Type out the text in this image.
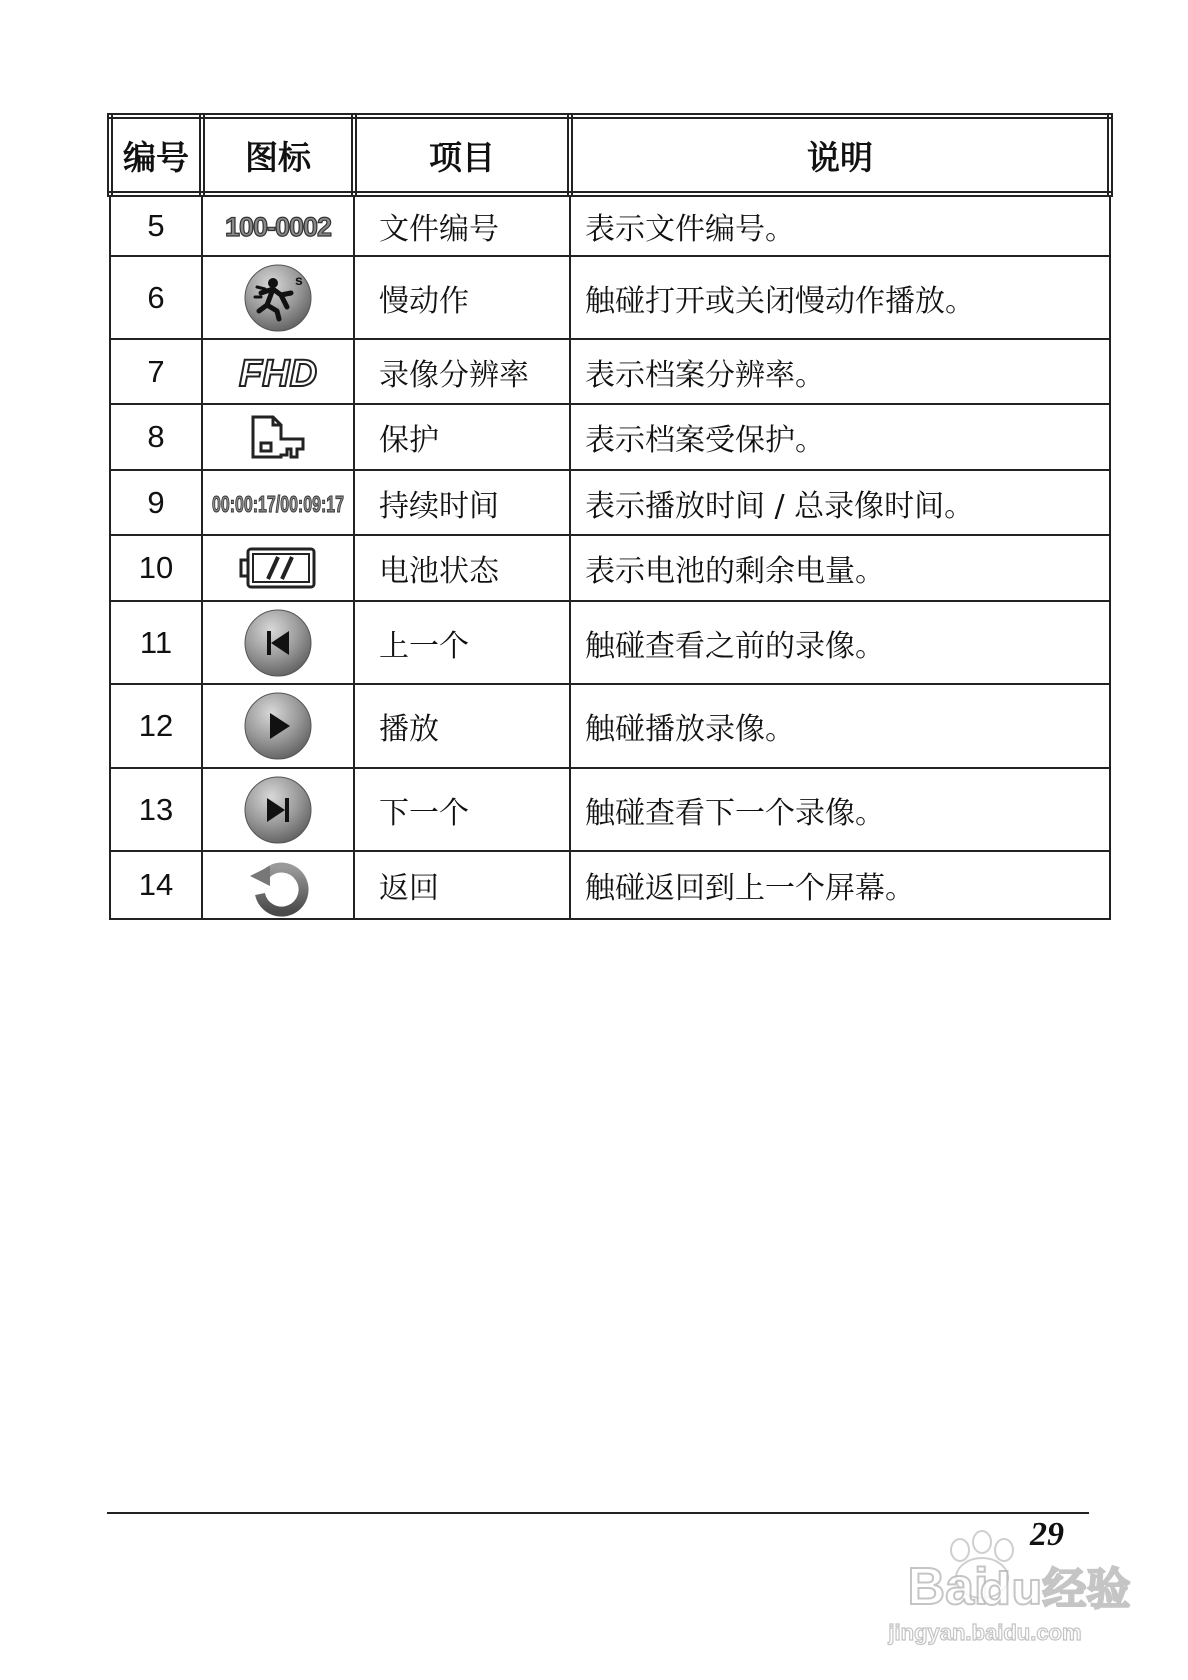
编号	图标	项目	说明
5	100-0002	文件编号	表示文件编号。
6	s	慢动作	触碰打开或关闭慢动作播放。
7	FHD	录像分辨率	表示档案分辨率。
8		保护	表示档案受保护。
9	00:00:17/00:09:17	持续时间	表示播放时间 / 总录像时间。
10		电池状态	表示电池的剩余电量。
11		上一个	触碰查看之前的录像。
12		播放	触碰播放录像。
13		下一个	触碰查看下一个录像。
14		返回	触碰返回到上一个屏幕。
29
Bai
du经验
jingyan.baidu.com
